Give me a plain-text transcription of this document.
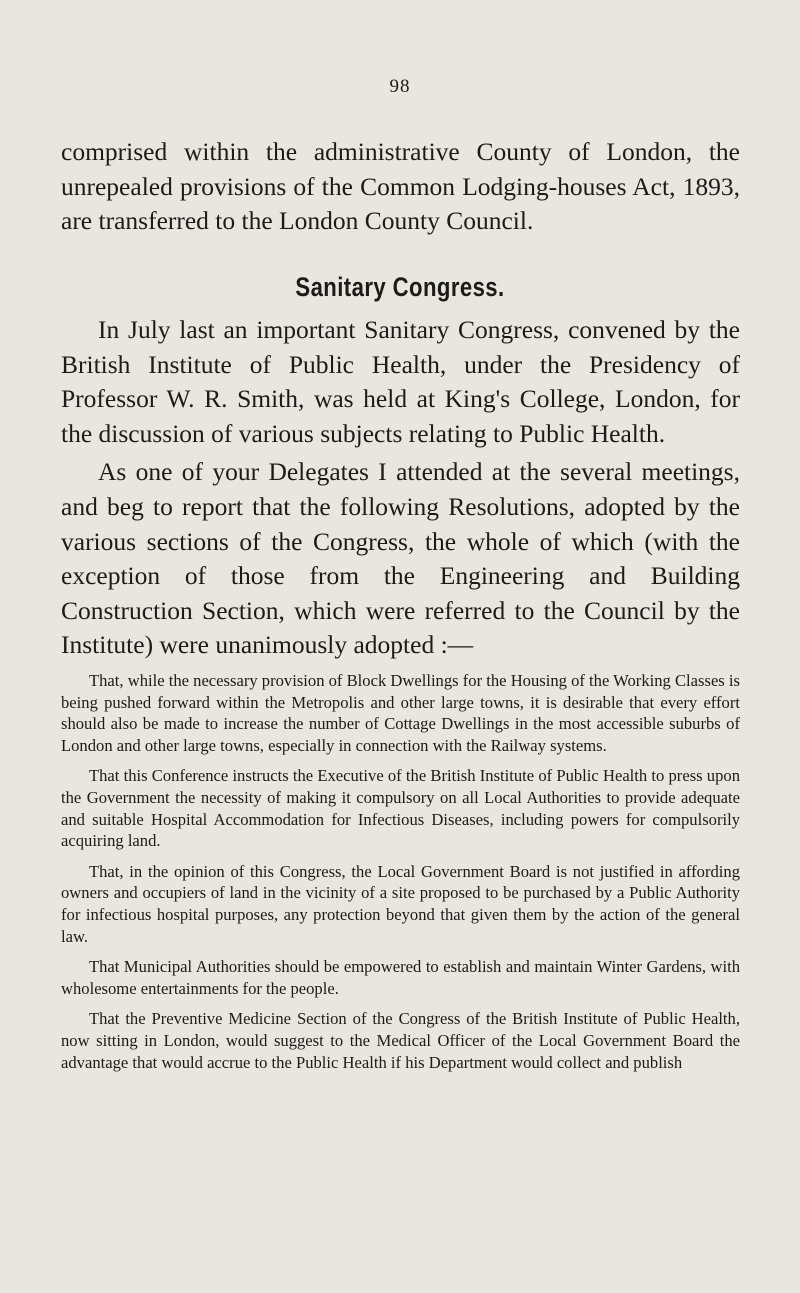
98

comprised within the administrative County of London, the unrepealed provisions of the Common Lodging-houses Act, 1893, are transferred to the London County Council.

Sanitary Congress.

In July last an important Sanitary Congress, convened by the British Institute of Public Health, under the Presidency of Professor W. R. Smith, was held at King's College, London, for the discussion of various subjects relating to Public Health.

As one of your Delegates I attended at the several meetings, and beg to report that the following Resolutions, adopted by the various sections of the Congress, the whole of which (with the exception of those from the Engineering and Building Construction Section, which were referred to the Council by the Institute) were unanimously adopted :—

That, while the necessary provision of Block Dwellings for the Housing of the Working Classes is being pushed forward within the Metropolis and other large towns, it is desirable that every effort should also be made to increase the number of Cottage Dwellings in the most accessible suburbs of London and other large towns, especially in connection with the Railway systems.

That this Conference instructs the Executive of the British Institute of Public Health to press upon the Government the necessity of making it compulsory on all Local Authorities to provide adequate and suitable Hospital Accommodation for Infectious Diseases, including powers for compulsorily acquiring land.

That, in the opinion of this Congress, the Local Government Board is not justified in affording owners and occupiers of land in the vicinity of a site proposed to be purchased by a Public Authority for infectious hospital purposes, any protection beyond that given them by the action of the general law.

That Municipal Authorities should be empowered to establish and maintain Winter Gardens, with wholesome entertainments for the people.

That the Preventive Medicine Section of the Congress of the British Institute of Public Health, now sitting in London, would suggest to the Medical Officer of the Local Government Board the advantage that would accrue to the Public Health if his Department would collect and publish
